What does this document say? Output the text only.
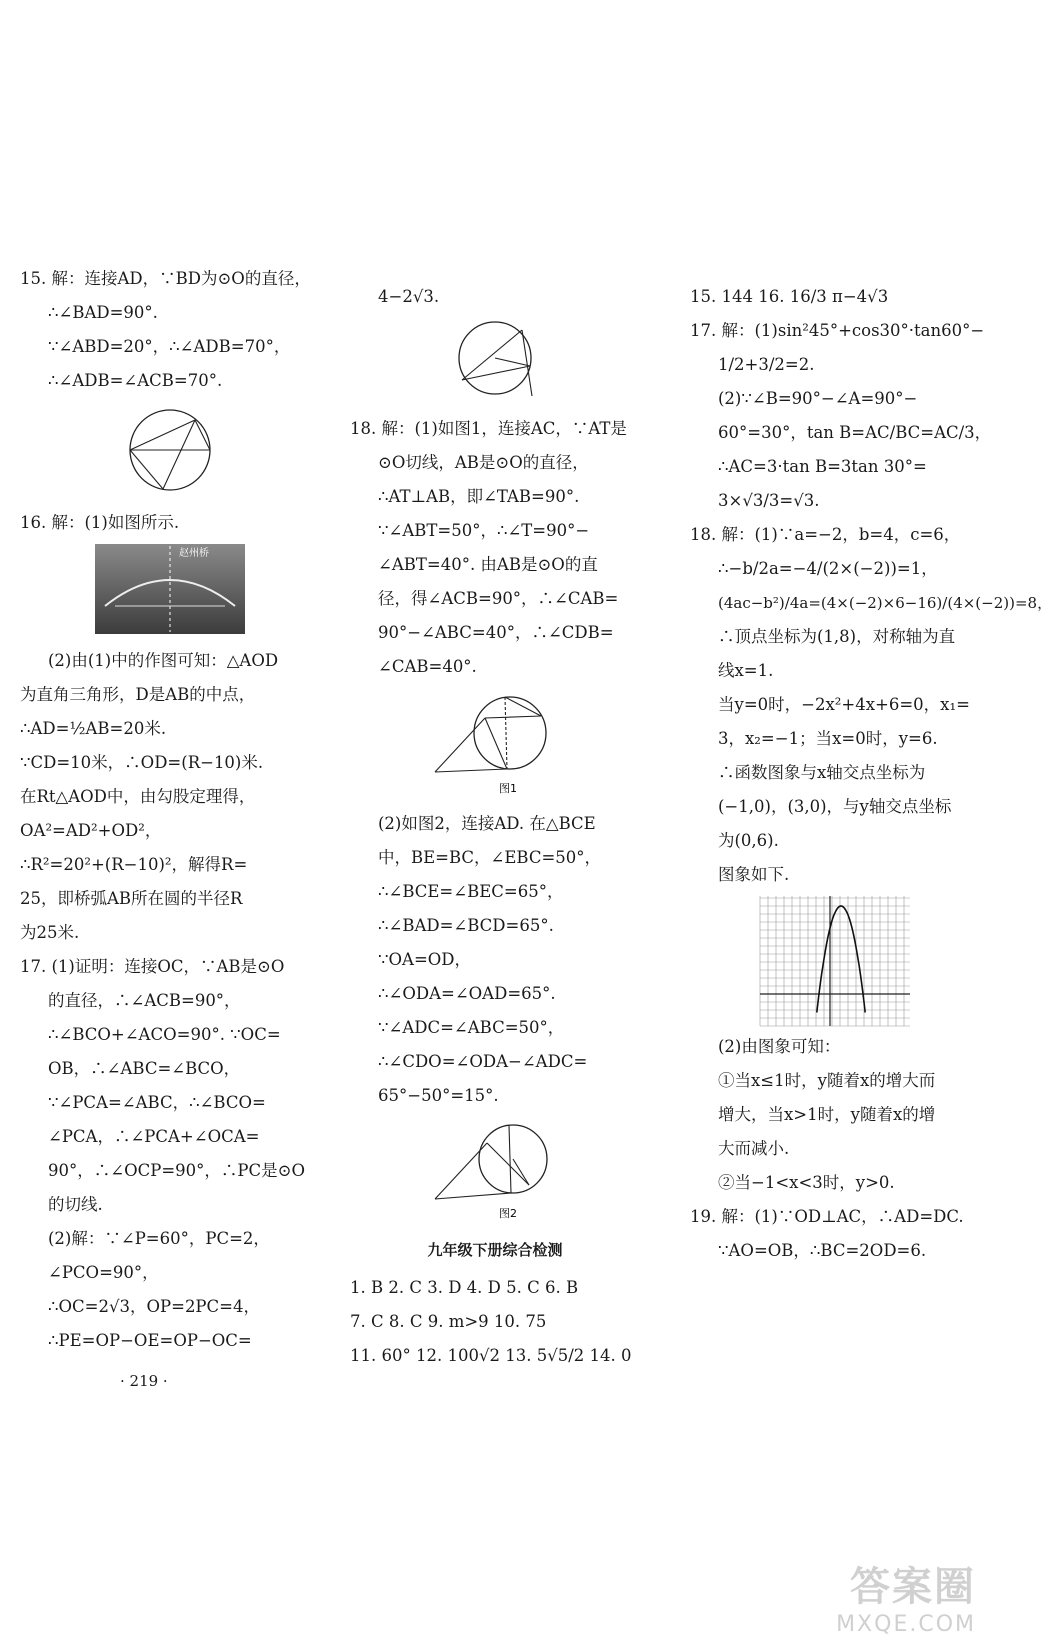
15. 解：连接AD，∵BD为⊙O的直径，
∴∠BAD=90°.
∵∠ABD=20°，∴∠ADB=70°，
∴∠ADB=∠ACB=70°.
16. 解：(1)如图所示.
赵州桥
(2)由(1)中的作图可知：△AOD
为直角三角形，D是AB的中点，
∴AD=½AB=20米.
∵CD=10米，∴OD=(R−10)米.
在Rt△AOD中，由勾股定理得，
OA²=AD²+OD²，
∴R²=20²+(R−10)²，解得R=
25，即桥弧AB所在圆的半径R
为25米.
17. (1)证明：连接OC，∵AB是⊙O
的直径，∴∠ACB=90°，
∴∠BCO+∠ACO=90°. ∵OC=
OB，∴∠ABC=∠BCO，
∵∠PCA=∠ABC，∴∠BCO=
∠PCA，∴∠PCA+∠OCA=
90°，∴∠OCP=90°，∴PC是⊙O
的切线.
(2)解：∵∠P=60°，PC=2，
∠PCO=90°，
∴OC=2√3，OP=2PC=4，
∴PE=OP−OE=OP−OC=
4−2√3.
18. 解：(1)如图1，连接AC，∵AT是
⊙O切线，AB是⊙O的直径，
∴AT⊥AB，即∠TAB=90°.
∵∠ABT=50°，∴∠T=90°−
∠ABT=40°. 由AB是⊙O的直
径，得∠ACB=90°，∴∠CAB=
90°−∠ABC=40°，∴∠CDB=
∠CAB=40°.
图1
(2)如图2，连接AD. 在△BCE
中，BE=BC，∠EBC=50°，
∴∠BCE=∠BEC=65°，
∴∠BAD=∠BCD=65°.
∵OA=OD，
∴∠ODA=∠OAD=65°.
∵∠ADC=∠ABC=50°，
∴∠CDO=∠ODA−∠ADC=
65°−50°=15°.
图2
九年级下册综合检测
1. B 2. C 3. D 4. D 5. C 6. B
7. C 8. C 9. m>9 10. 75
11. 60° 12. 100√2 13. 5√5/2 14. 0
15. 144 16. 16/3 π−4√3
17. 解：(1)sin²45°+cos30°·tan60°−
1/2+3/2=2.
(2)∵∠B=90°−∠A=90°−
60°=30°，tan B=AC/BC=AC/3，
∴AC=3·tan B=3tan 30°=
3×√3/3=√3.
18. 解：(1)∵a=−2，b=4，c=6，
∴−b/2a=−4/(2×(−2))=1，
(4ac−b²)/4a=(4×(−2)×6−16)/(4×(−2))=8，
∴顶点坐标为(1,8)，对称轴为直
线x=1.
当y=0时，−2x²+4x+6=0，x₁=
3，x₂=−1；当x=0时，y=6.
∴函数图象与x轴交点坐标为
(−1,0)，(3,0)，与y轴交点坐标
为(0,6).
图象如下.
(2)由图象可知：
①当x≤1时，y随着x的增大而
增大，当x>1时，y随着x的增
大而减小.
②当−1<x<3时，y>0.
19. 解：(1)∵OD⊥AC，∴AD=DC.
∵AO=OB，∴BC=2OD=6.
· 219 ·
答案圈
MXQE.COM
